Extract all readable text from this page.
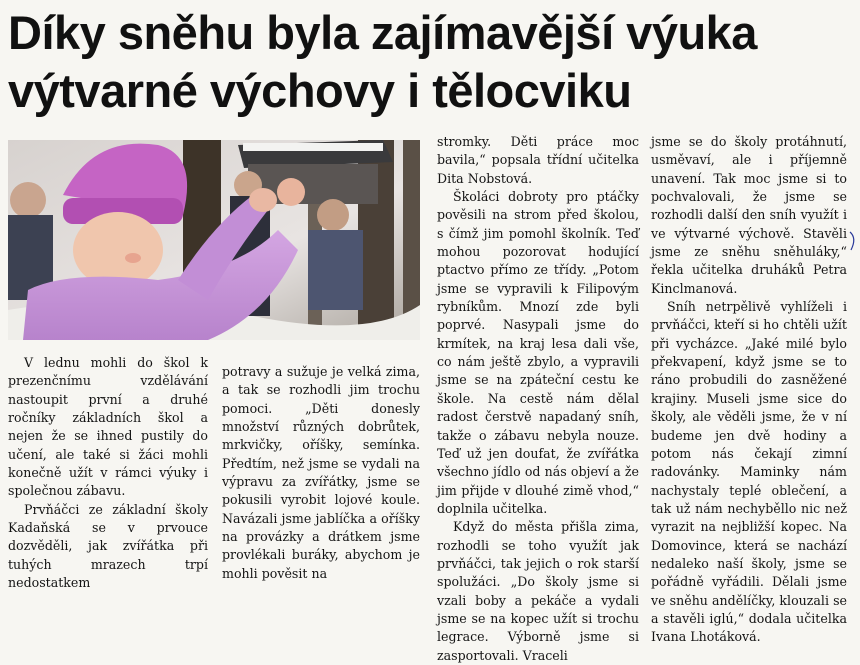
Díky sněhu byla zajímavější výuka výtvarné výchovy i tělocviku

V lednu mohli do škol k prezenčnímu vzdělávání nastoupit první a druhé ročníky základních škol a nejen že se ihned pustily do učení, ale také si žáci mohli konečně užít v rámci výuky i společnou zábavu.

Prvňáčci ze základní školy Kadaňská se v prvouce dozvěděli, jak zvířátka při tuhých mrazech trpí nedostatkem

potravy a sužuje je velká zima, a tak se rozhodli jim trochu pomoci. „Děti donesly množství různých dobrůtek, mrkvičky, oříšky, semínka. Předtím, než jsme se vydali na výpravu za zvířátky, jsme se pokusili vyrobit lojové koule. Navázali jsme jablíčka a oříšky na provázky a drátkem jsme provlékali buráky, abychom je mohli pověsit na

stromky. Děti práce moc bavila,“ popsala třídní učitelka Dita Nobstová.

Školáci dobroty pro ptáčky pověsili na strom před školou, s čímž jim pomohl školník. Teď mohou pozorovat hodující ptactvo přímo ze třídy. „Potom jsme se vypravili k Filipovým rybníkům. Mnozí zde byli poprvé. Nasypali jsme do krmítek, na kraj lesa dali vše, co nám ještě zbylo, a vypravili jsme se na zpáteční cestu ke škole. Na cestě nám dělal radost čerstvě napadaný sníh, takže o zábavu nebyla nouze. Teď už jen doufat, že zvířátka všechno jídlo od nás objeví a že jim přijde v dlouhé zimě vhod,“ doplnila učitelka.

Když do města přišla zima, rozhodli se toho využít jak prvňáčci, tak jejich o rok starší spolužáci. „Do školy jsme si vzali boby a pekáče a vydali jsme se na kopec užít si trochu legrace. Výborně jsme si zasportovali. Vraceli

jsme se do školy protáhnutí, usměvaví, ale i příjemně unavení. Tak moc jsme si to pochvalovali, že jsme se rozhodli další den sníh využít i ve výtvarné výchově. Stavěli jsme ze sněhu sněhuláky,“ řekla učitelka druháků Petra Kinclmanová.

Sníh netrpělivě vyhlíželi i prvňáčci, kteří si ho chtěli užít při vycházce. „Jaké milé bylo překvapení, když jsme se to ráno probudili do zasněžené krajiny. Museli jsme sice do školy, ale věděli jsme, že v ní budeme jen dvě hodiny a potom nás čekají zimní radovánky. Maminky nám nachystaly teplé oblečení, a tak už nám nechyběllo nic než vyrazit na nejbližší kopec. Na Domovince, která se nachází nedaleko naší školy, jsme se pořádně vyřádili. Dělali jsme ve sněhu andělíčky, klouzali se a stavěli iglú,“ dodala učitelka Ivana Lhotáková.
